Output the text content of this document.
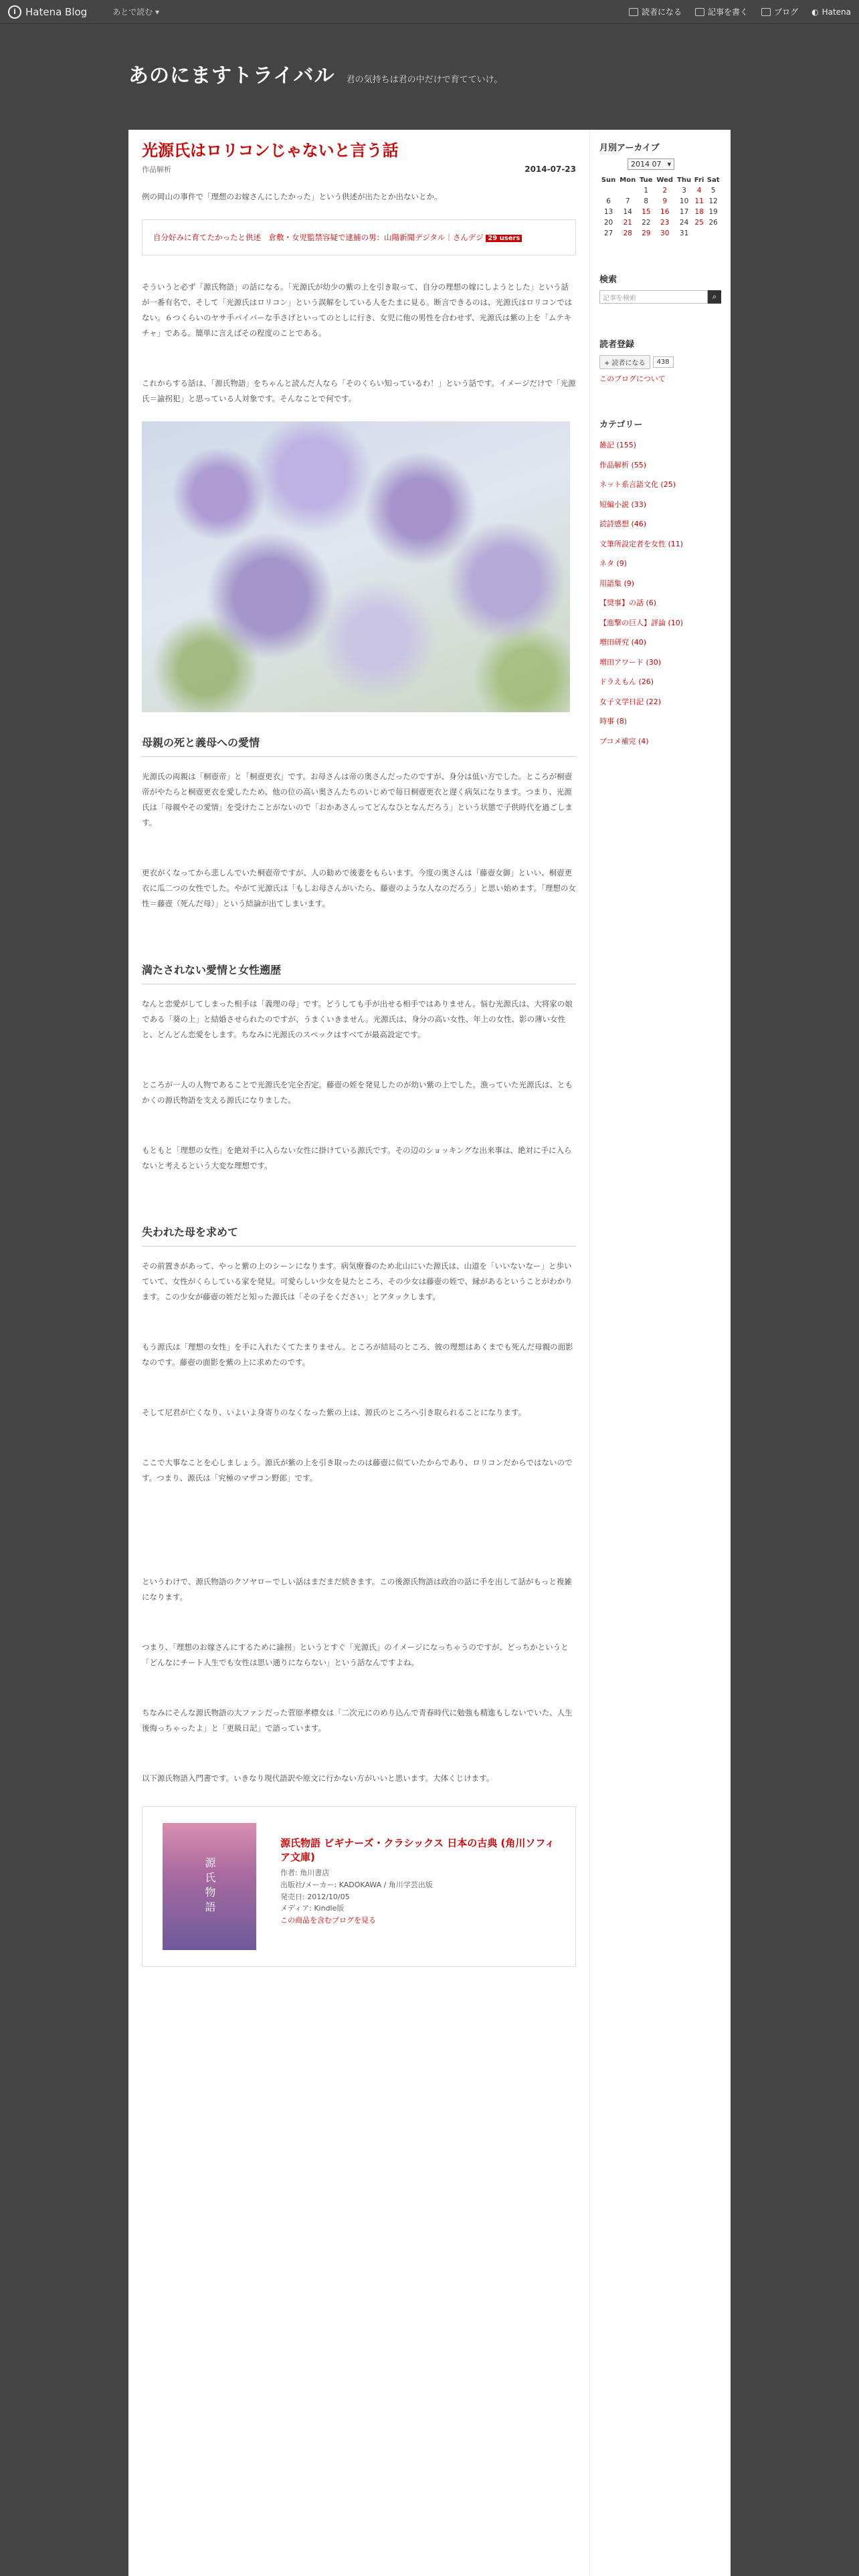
i Hatena Blog	あとで読む ▾	読者になる	記事を書く	ブログ ◐ Hatena
あのにますトライバル 君の気持ちは君の中だけで育てていけ。
光源氏はロリコンじゃないと言う話
作品解析	2014-07-23

例の岡山の事件で「理想のお嫁さんにしたかった」という供述が出たとか出ないとか。

自分好みに育てたかったと供述　倉敷・女児監禁容疑で逮捕の男：山陽新聞デジタル｜さんデジ 29 users

そういうと必ず「源氏物語」の話になる。「光源氏が幼少の紫の上を引き取って、自分の理想の嫁にしようとした」という話が一番有名で、そして「光源氏はロリコン」という誤解をしている人をたまに見る。断言できるのは、光源氏はロリコンではない。６つくらいのヤサ手パイパーな手さげといってのとしに行き、女児に他の男性を合わせず、光源氏は紫の上を「ムテキチャ」である。簡単に言えばその程度のことである。

これからする話は、「源氏物語」をちゃんと読んだ人なら「そのくらい知っているわ！」という話です。イメージだけで「光源氏＝諭拐犯」と思っている人対象です。そんなことで何です。

母親の死と義母への愛情

光源氏の両親は「桐壺帝」と「桐壺更衣」です。お母さんは帝の奥さんだったのですが、身分は低い方でした。ところが桐壺帝がやたらと桐壺更衣を愛したため、他の位の高い奥さんたちのいじめで毎日桐壺更衣と遅く病気になります。つまり、光源氏は「母親やその愛情」を受けたことがないので「おかあさんってどんなひとなんだろう」という状態で子供時代を過ごします。

更衣がくなってから悲しんでいた桐壺帝ですが、人の勧めで後妻をもらいます。今度の奥さんは「藤壺女御」といい、桐壺更衣に瓜二つの女性でした。やがて光源氏は「もしお母さんがいたら、藤壺のような人なのだろう」と思い始めます。「理想の女性＝藤壺（死んだ母）」という結論が出てしまいます。

満たされない愛情と女性遡歴

なんと恋愛がしてしまった相手は「義理の母」です。どうしても手が出せる相手ではありません。悩む光源氏は、大将家の娘である「葵の上」と結婚させられたのですが、うまくいきません。光源氏は、身分の高い女性、年上の女性、影の薄い女性と、どんどん恋愛をします。ちなみに光源氏のスペックはすべてが最高設定です。

ところが一人の人物であることで光源氏を完全否定。藤壺の姪を発見したのが幼い紫の上でした。漁っていた光源氏は、ともかくの源氏物語を支える源氏になりました。

もともと「理想の女性」を絶対手に入らない女性に掛けている源氏です。その辺のショッキングな出来事は、絶対に手に入らないと考えるという大変な理想です。

失われた母を求めて

その前置きがあって、やっと紫の上のシーンになります。病気療養のため北山にいた源氏は、山道を「いいないなー」と歩いていて、女性がくらしている家を発見。可愛らしい少女を見たところ、その少女は藤壺の姪で、縁があるということがわかります。この少女が藤壺の姪だと知った源氏は「その子をください」とアタックします。

もう源氏は「理想の女性」を手に入れたくてたまりません。ところが結局のところ、彼の理想はあくまでも死んだ母親の面影なのです。藤壺の面影を紫の上に求めたのです。

そして尼君が亡くなり、いよいよ身寄りのなくなった紫の上は、源氏のところへ引き取られることになります。

ここで大事なことを心しましょう。源氏が紫の上を引き取ったのは藤壺に似ていたからであり、ロリコンだからではないのです。つまり、源氏は「究極のマザコン野郎」です。

というわけで、源氏物語のクソヤローでしい話はまだまだ続きます。この後源氏物語は政治の話に手を出して話がもっと複雑になります。

つまり、「理想のお嫁さんにするために諭拐」というとすぐ「光源氏」のイメージになっちゃうのですが、どっちかというと「どんなにチート人生でも女性は思い通りにならない」という話なんですよね。

ちなみにそんな源氏物語の大ファンだった菅原孝標女は「二次元にのめり込んで青春時代に勉強も精進もしないでいた、人生後悔っちゃったよ」と「更級日記」で語っています。

以下源氏物語入門書です。いきなり現代語訳や原文に行かない方がいいと思います。大体くじけます。

源氏物語
源氏物語 ビギナーズ・クラシックス 日本の古典 (角川ソフィア文庫)
作者: 角川書店
出版社/メーカー: KADOKAWA / 角川学芸出版
発売日: 2012/10/05
メディア: Kindle版
この商品を含むブログを見る
月別アーカイブ
2014 07 ▾
Sun	Mon	Tue	Wed	Thu	Fri	Sat
		1	2	3	4	5
6	7	8	9	10	11	12
13	14	15	16	17	18	19
20	21	22	23	24	25	26
27	28	29	30	31		
検索
記事を検索	⌕
読者登録
+ 読者になる	438
このブログについて
カテゴリー
雑記 (155)
作品解析 (55)
ネット系言語文化 (25)
短編小説 (33)
読詩感想 (46)
文筆所設定者を女性 (11)
ネタ (9)
用語集 (9)
【奨事】の話 (6)
【進撃の巨人】評論 (10)
増田研究 (40)
増田アワード (30)
ドラえもん (26)
女子文学日記 (22)
時事 (8)
ブコメ補完 (4)
